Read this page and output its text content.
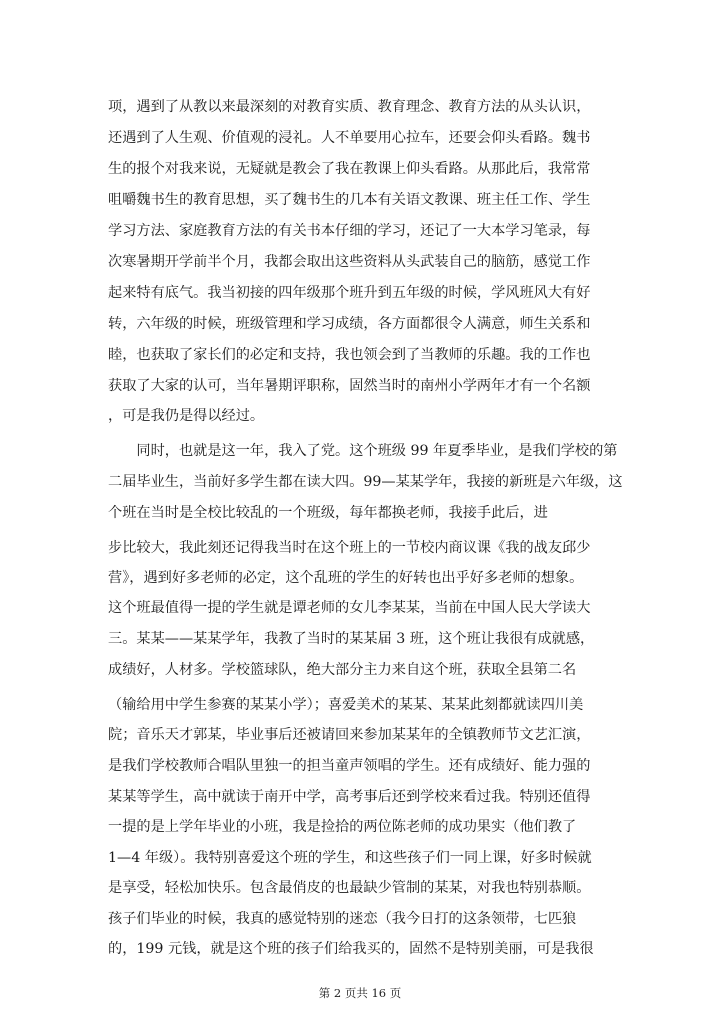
项，遇到了从教以来最深刻的对教育实质、教育理念、教育方法的从头认识，
还遇到了人生观、价值观的浸礼。人不单要用心拉车，还要会仰头看路。魏书
生的报个对我来说，无疑就是教会了我在教课上仰头看路。从那此后，我常常
咀嚼魏书生的教育思想，买了魏书生的几本有关语文教课、班主任工作、学生
学习方法、家庭教育方法的有关书本仔细的学习，还记了一大本学习笔录，每
次寒暑期开学前半个月，我都会取出这些资料从头武装自己的脑筋，感觉工作
起来特有底气。我当初接的四年级那个班升到五年级的时候，学风班风大有好
转，六年级的时候，班级管理和学习成绩，各方面都很令人满意，师生关系和
睦，也获取了家长们的必定和支持，我也领会到了当教师的乐趣。我的工作也
获取了大家的认可，当年暑期评职称，固然当时的南州小学两年才有一个名额
，可是我仍是得以经过。
　　同时，也就是这一年，我入了党。这个班级 99 年夏季毕业，是我们学校的第
二届毕业生，当前好多学生都在读大四。99—某某学年，我接的新班是六年级，这
个班在当时是全校比较乱的一个班级，每年都换老师，我接手此后，进
步比较大，我此刻还记得我当时在这个班上的一节校内商议课《我的战友邱少
营》，遇到好多老师的必定，这个乱班的学生的好转也出乎好多老师的想象。
这个班最值得一提的学生就是谭老师的女儿李某某，当前在中国人民大学读大
三。某某——某某学年，我教了当时的某某届 3 班，这个班让我很有成就感，
成绩好，人材多。学校篮球队，绝大部分主力来自这个班，获取全县第二名
（输给用中学生参赛的某某小学）；喜爱美术的某某、某某此刻都就读四川美
院；音乐天才郭某，毕业事后还被请回来参加某某年的全镇教师节文艺汇演，
是我们学校教师合唱队里独一的担当童声领唱的学生。还有成绩好、能力强的
某某等学生，高中就读于南开中学，高考事后还到学校来看过我。特别还值得
一提的是上学年毕业的小班，我是捡拾的两位陈老师的成功果实（他们教了
1—4 年级）。我特别喜爱这个班的学生，和这些孩子们一同上课，好多时候就
是享受，轻松加快乐。包含最俏皮的也最缺少管制的某某，对我也特别恭顺。
孩子们毕业的时候，我真的感觉特别的迷恋（我今日打的这条领带，七匹狼
的，199 元钱，就是这个班的孩子们给我买的，固然不是特别美丽，可是我很
第 2 页共 16 页
